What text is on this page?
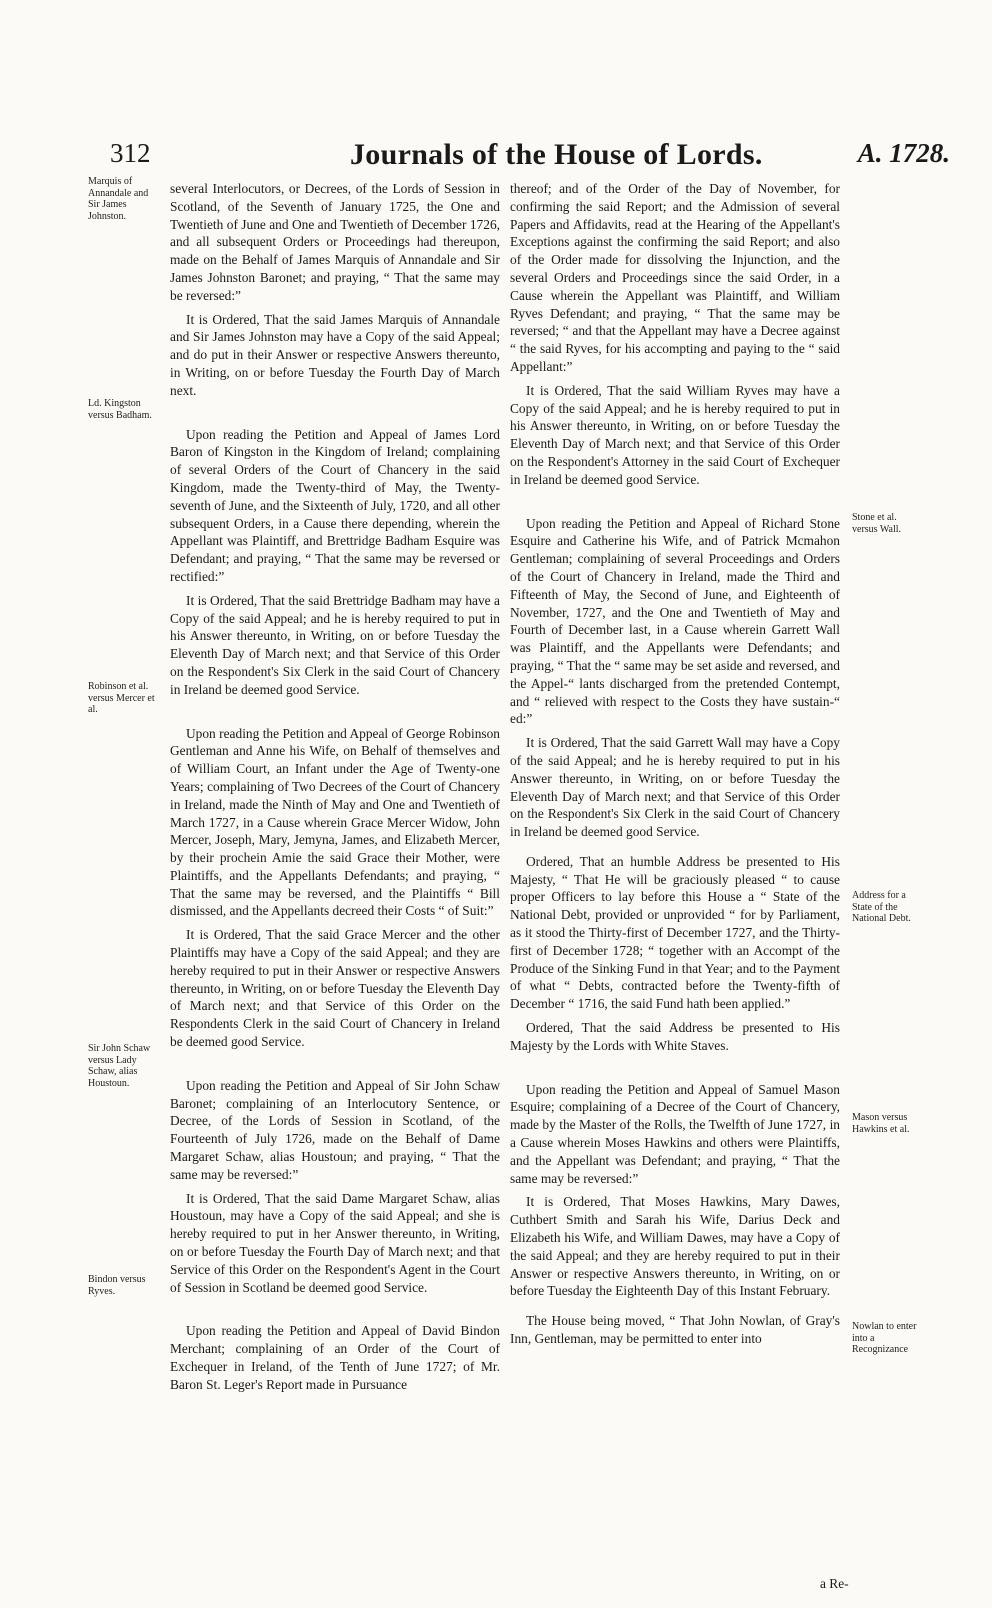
312	Journals of the House of Lords.	A. 1728.
Marquis of Annandale and Sir James Johnston.
Ld. Kingston versus Badham.
Robinson et al. versus Mercer et al.
Sir John Schaw versus Lady Schaw, alias Houstoun.
Bindon versus Ryves.
Stone et al. versus Wall.
Address for a State of the National Debt.
Mason versus Hawkins et al.
Nowlan to enter into a Recognizance

several Interlocutors, or Decrees, of the Lords of Session in Scotland, of the Seventh of January 1725, the One and Twentieth of June and One and Twentieth of December 1726, and all subsequent Orders or Proceedings had thereupon, made on the Behalf of James Marquis of Annandale and Sir James Johnston Baronet; and praying, “ That the same may be reversed:”

It is Ordered, That the said James Marquis of Annandale and Sir James Johnston may have a Copy of the said Appeal; and do put in their Answer or respective Answers thereunto, in Writing, on or before Tuesday the Fourth Day of March next.

Upon reading the Petition and Appeal of James Lord Baron of Kingston in the Kingdom of Ireland; complaining of several Orders of the Court of Chancery in the said Kingdom, made the Twenty-third of May, the Twenty-seventh of June, and the Sixteenth of July, 1720, and all other subsequent Orders, in a Cause there depending, wherein the Appellant was Plaintiff, and Brettridge Badham Esquire was Defendant; and praying, “ That the same may be reversed or rectified:”

It is Ordered, That the said Brettridge Badham may have a Copy of the said Appeal; and he is hereby required to put in his Answer thereunto, in Writing, on or before Tuesday the Eleventh Day of March next; and that Service of this Order on the Respondent's Six Clerk in the said Court of Chancery in Ireland be deemed good Service.

Upon reading the Petition and Appeal of George Robinson Gentleman and Anne his Wife, on Behalf of themselves and of William Court, an Infant under the Age of Twenty-one Years; complaining of Two Decrees of the Court of Chancery in Ireland, made the Ninth of May and One and Twentieth of March 1727, in a Cause wherein Grace Mercer Widow, John Mercer, Joseph, Mary, Jemyna, James, and Elizabeth Mercer, by their prochein Amie the said Grace their Mother, were Plaintiffs, and the Appellants Defendants; and praying, “ That the same may be reversed, and the Plaintiffs “ Bill dismissed, and the Appellants decreed their Costs “ of Suit:”

It is Ordered, That the said Grace Mercer and the other Plaintiffs may have a Copy of the said Appeal; and they are hereby required to put in their Answer or respective Answers thereunto, in Writing, on or before Tuesday the Eleventh Day of March next; and that Service of this Order on the Respondents Clerk in the said Court of Chancery in Ireland be deemed good Service.

Upon reading the Petition and Appeal of Sir John Schaw Baronet; complaining of an Interlocutory Sentence, or Decree, of the Lords of Session in Scotland, of the Fourteenth of July 1726, made on the Behalf of Dame Margaret Schaw, alias Houstoun; and praying, “ That the same may be reversed:”

It is Ordered, That the said Dame Margaret Schaw, alias Houstoun, may have a Copy of the said Appeal; and she is hereby required to put in her Answer thereunto, in Writing, on or before Tuesday the Fourth Day of March next; and that Service of this Order on the Respondent's Agent in the Court of Session in Scotland be deemed good Service.

Upon reading the Petition and Appeal of David Bindon Merchant; complaining of an Order of the Court of Exchequer in Ireland, of the Tenth of June 1727; of Mr. Baron St. Leger's Report made in Pursuance

thereof; and of the Order of the Day of November, for confirming the said Report; and the Admission of several Papers and Affidavits, read at the Hearing of the Appellant's Exceptions against the confirming the said Report; and also of the Order made for dissolving the Injunction, and the several Orders and Proceedings since the said Order, in a Cause wherein the Appellant was Plaintiff, and William Ryves Defendant; and praying, “ That the same may be reversed; “ and that the Appellant may have a Decree against “ the said Ryves, for his accompting and paying to the “ said Appellant:”

It is Ordered, That the said William Ryves may have a Copy of the said Appeal; and he is hereby required to put in his Answer thereunto, in Writing, on or before Tuesday the Eleventh Day of March next; and that Service of this Order on the Respondent's Attorney in the said Court of Exchequer in Ireland be deemed good Service.

Upon reading the Petition and Appeal of Richard Stone Esquire and Catherine his Wife, and of Patrick Mcmahon Gentleman; complaining of several Proceedings and Orders of the Court of Chancery in Ireland, made the Third and Fifteenth of May, the Second of June, and Eighteenth of November, 1727, and the One and Twentieth of May and Fourth of December last, in a Cause wherein Garrett Wall was Plaintiff, and the Appellants were Defendants; and praying, “ That the “ same may be set aside and reversed, and the Appel-“ lants discharged from the pretended Contempt, and “ relieved with respect to the Costs they have sustain-“ ed:”

It is Ordered, That the said Garrett Wall may have a Copy of the said Appeal; and he is hereby required to put in his Answer thereunto, in Writing, on or before Tuesday the Eleventh Day of March next; and that Service of this Order on the Respondent's Six Clerk in the said Court of Chancery in Ireland be deemed good Service.

Ordered, That an humble Address be presented to His Majesty, “ That He will be graciously pleased “ to cause proper Officers to lay before this House a “ State of the National Debt, provided or unprovided “ for by Parliament, as it stood the Thirty-first of December 1727, and the Thirty-first of December 1728; “ together with an Accompt of the Produce of the Sinking Fund in that Year; and to the Payment of what “ Debts, contracted before the Twenty-fifth of December “ 1716, the said Fund hath been applied.”

Ordered, That the said Address be presented to His Majesty by the Lords with White Staves.

Upon reading the Petition and Appeal of Samuel Mason Esquire; complaining of a Decree of the Court of Chancery, made by the Master of the Rolls, the Twelfth of June 1727, in a Cause wherein Moses Hawkins and others were Plaintiffs, and the Appellant was Defendant; and praying, “ That the same may be reversed:”

It is Ordered, That Moses Hawkins, Mary Dawes, Cuthbert Smith and Sarah his Wife, Darius Deck and Elizabeth his Wife, and William Dawes, may have a Copy of the said Appeal; and they are hereby required to put in their Answer or respective Answers thereunto, in Writing, on or before Tuesday the Eighteenth Day of this Instant February.

The House being moved, “ That John Nowlan, of Gray's Inn, Gentleman, may be permitted to enter into

a Re-
